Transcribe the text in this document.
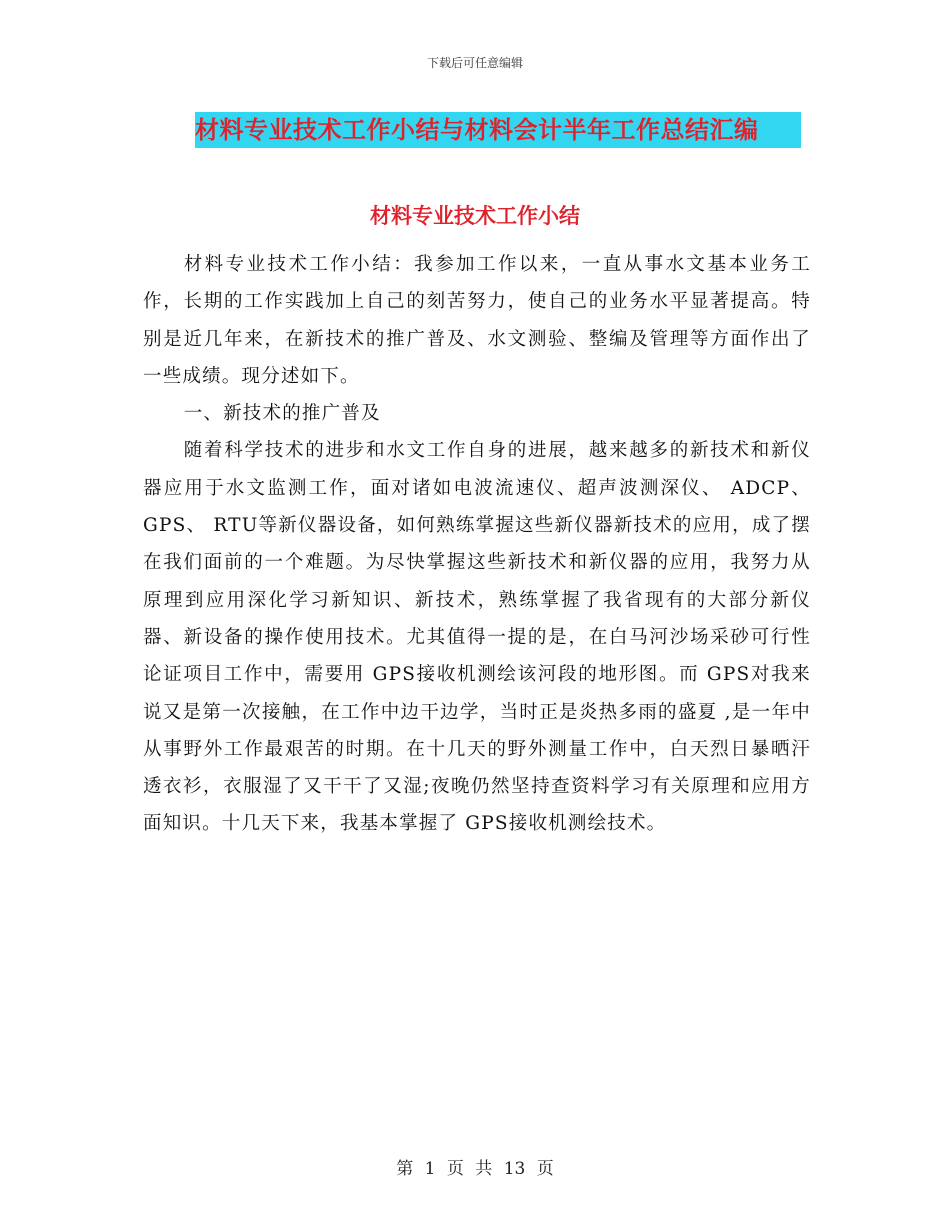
下载后可任意编辑
材料专业技术工作小结与材料会计半年工作总结汇编
材料专业技术工作小结

材料专业技术工作小结：我参加工作以来，一直从事水文基本业务工作，长期的工作实践加上自己的刻苦努力，使自己的业务水平显著提高。特别是近几年来，在新技术的推广普及、水文测验、整编及管理等方面作出了一些成绩。现分述如下。

一、新技术的推广普及

随着科学技术的进步和水文工作自身的进展，越来越多的新技术和新仪器应用于水文监测工作，面对诸如电波流速仪、超声波测深仪、 ADCP、 GPS、 RTU等新仪器设备，如何熟练掌握这些新仪器新技术的应用，成了摆在我们面前的一个难题。为尽快掌握这些新技术和新仪器的应用，我努力从原理到应用深化学习新知识、新技术，熟练掌握了我省现有的大部分新仪器、新设备的操作使用技术。尤其值得一提的是，在白马河沙场采砂可行性论证项目工作中，需要用 GPS接收机测绘该河段的地形图。而 GPS对我来说又是第一次接触，在工作中边干边学，当时正是炎热多雨的盛夏 ,是一年中从事野外工作最艰苦的时期。在十几天的野外测量工作中，白天烈日暴晒汗透衣衫，衣服湿了又干干了又湿;夜晚仍然坚持查资料学习有关原理和应用方面知识。十几天下来，我基本掌握了 GPS接收机测绘技术。

第 1 页 共 13 页
